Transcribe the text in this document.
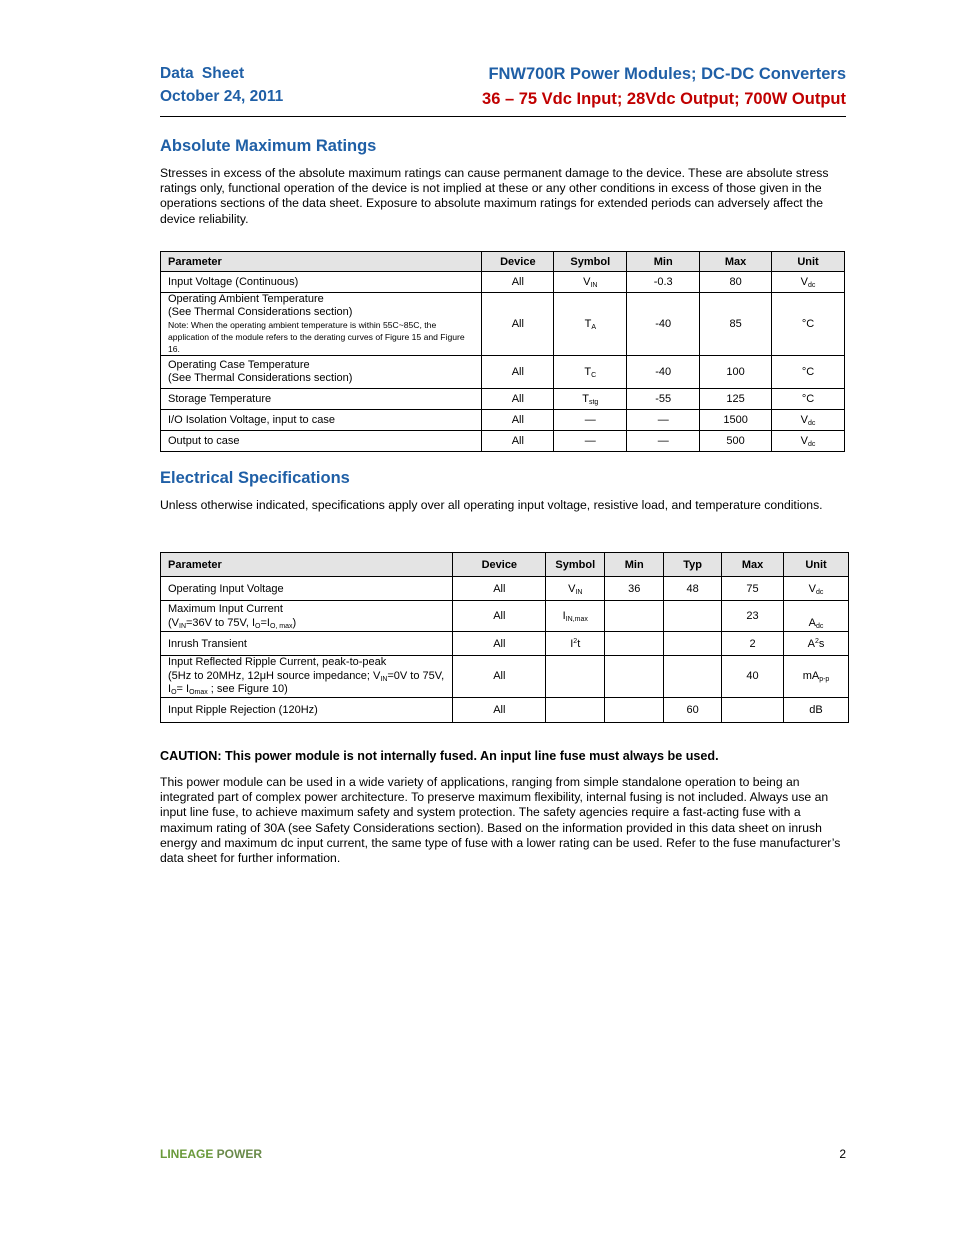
Data Sheet
October 24, 2011
FNW700R Power Modules; DC-DC Converters
36 – 75 Vdc Input; 28Vdc Output; 700W Output
Absolute Maximum Ratings

Stresses in excess of the absolute maximum ratings can cause permanent damage to the device. These are absolute stress ratings only, functional operation of the device is not implied at these or any other conditions in excess of those given in the operations sections of the data sheet. Exposure to absolute maximum ratings for extended periods can adversely affect the device reliability.

Parameter	Device	Symbol	Min	Max	Unit
Input Voltage (Continuous)	All	$V_{IN}$	-0.3	80	$V_{dc}$

Operating Ambient Temperature
(See Thermal Considerations section)
Note: When the operating ambient temperature is within 55C~85C, the application of the module refers to the derating curves of Figure 15 and Figure 16.	All	$T_A$	-40	85	°C

Operating Case Temperature
(See Thermal Considerations section)	All	$T_C$	-40	100	°C
Storage Temperature	All	$T_{stg}$	-55	125	°C
I/O Isolation Voltage, input to case	All	—	—	1500	$V_{dc}$
Output to case	All	—	—	500	$V_{dc}$
Electrical Specifications

Unless otherwise indicated, specifications apply over all operating input voltage, resistive load, and temperature conditions.

Parameter	Device	Symbol	Min	Typ	Max	Unit
Operating Input Voltage	All	$V_{IN}$	36	48	75	$V_{dc}$

Maximum Input Current
($V_{IN}=36V$ to 75V, $I_O=I_{O, max}$)	All	$I_{IN,max}$			23	$A_{dc}$
Inrush Transient	All	$I^2t$			2	$A^2s$

Input Reflected Ripple Current, peak-to-peak
(5Hz to 20MHz, 12μH source impedance; $V_{IN}=0V$ to 75V, $I_O= I_{Omax}$ ; see Figure 10)	All				40	$mA_{p-p}$
Input Ripple Rejection (120Hz)	All			60		dB

CAUTION: This power module is not internally fused. An input line fuse must always be used.

This power module can be used in a wide variety of applications, ranging from simple standalone operation to being an integrated part of complex power architecture. To preserve maximum flexibility, internal fusing is not included. Always use an input line fuse, to achieve maximum safety and system protection. The safety agencies require a fast-acting fuse with a maximum rating of 30A (see Safety Considerations section). Based on the information provided in this data sheet on inrush energy and maximum dc input current, the same type of fuse with a lower rating can be used. Refer to the fuse manufacturer’s data sheet for further information.

LINEAGE POWER	2
